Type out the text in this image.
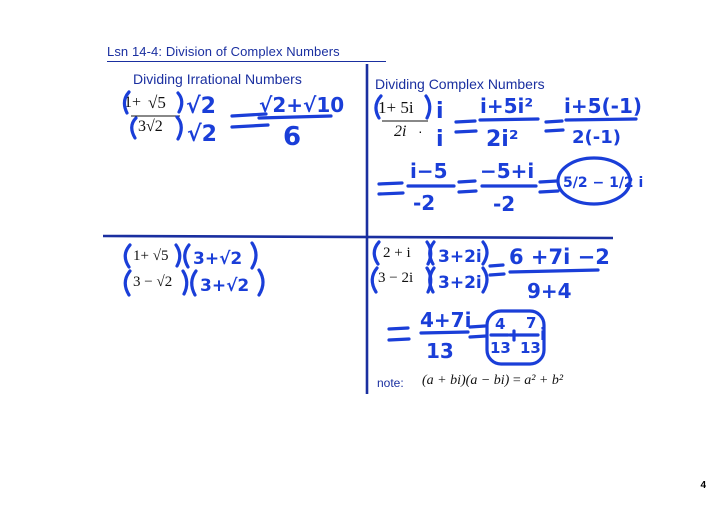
Lsn 14-4: Division of Complex Numbers
Dividing Irrational Numbers	Dividing Complex Numbers
1+ √5
3√2
1+ 5i
2i
1+ √5
3 − √2
2 + i
3 − 2i
√2
√2
√2+√10
6	·
i
i
i+5i²
2i²
i+5(-1)
2(-1)
i−5
-2
−5+i
-2
5/2 − 1/2 i
3+√2
3+√2
3+2i
3+2i
6 +7i −2
9+4
4+7i
13
4
13
7
13
i
note: (a + bi)(a − bi) = a² + b²
4
